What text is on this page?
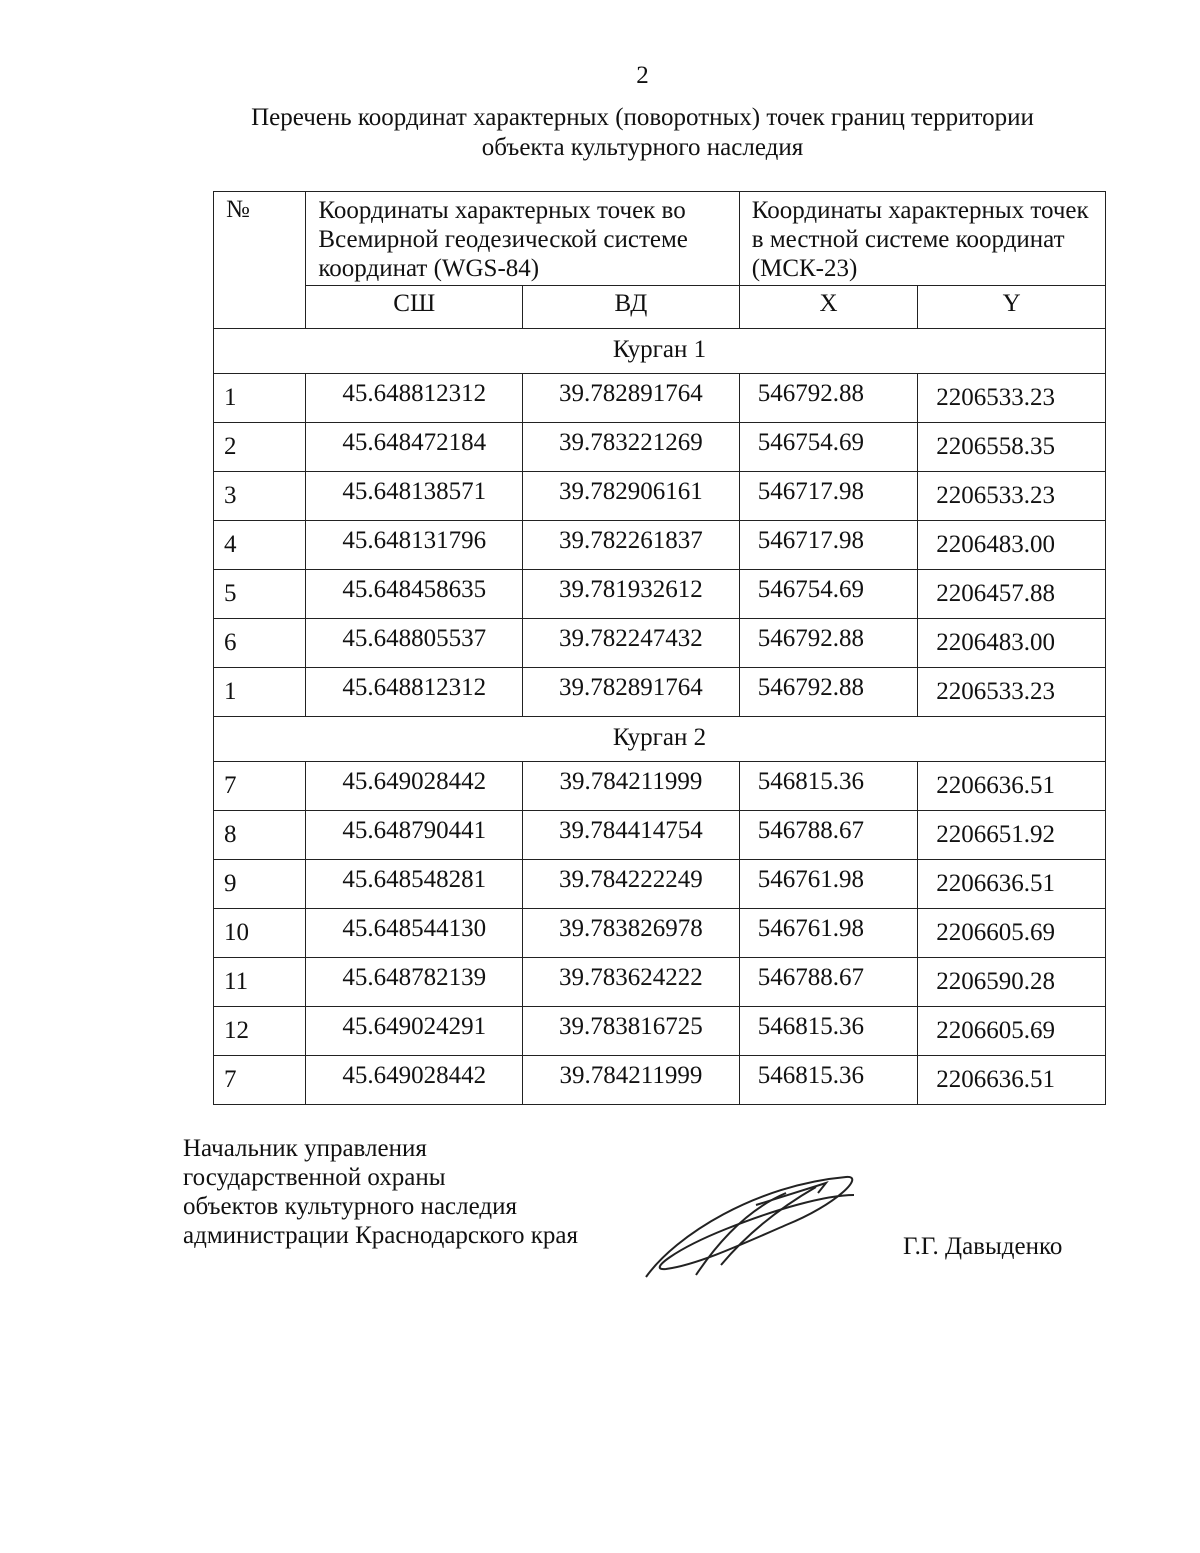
2
Перечень координат характерных (поворотных) точек границ территории
объекта культурного наследия
№	Координаты характерных точек во Всемирной геодезической системе координат (WGS-84)		Координаты характерных точек в местной системе координат (МСК-23)	
	СШ	ВД	X	Y
Курган 1				
1	45.648812312	39.782891764	546792.88	2206533.23
2	45.648472184	39.783221269	546754.69	2206558.35
3	45.648138571	39.782906161	546717.98	2206533.23
4	45.648131796	39.782261837	546717.98	2206483.00
5	45.648458635	39.781932612	546754.69	2206457.88
6	45.648805537	39.782247432	546792.88	2206483.00
1	45.648812312	39.782891764	546792.88	2206533.23
Курган 2				
7	45.649028442	39.784211999	546815.36	2206636.51
8	45.648790441	39.784414754	546788.67	2206651.92
9	45.648548281	39.784222249	546761.98	2206636.51
10	45.648544130	39.783826978	546761.98	2206605.69
11	45.648782139	39.783624222	546788.67	2206590.28
12	45.649024291	39.783816725	546815.36	2206605.69
7	45.649028442	39.784211999	546815.36	2206636.51
Начальник управления
государственной охраны
объектов культурного наследия
администрации Краснодарского края	Г.Г. Давыденко
